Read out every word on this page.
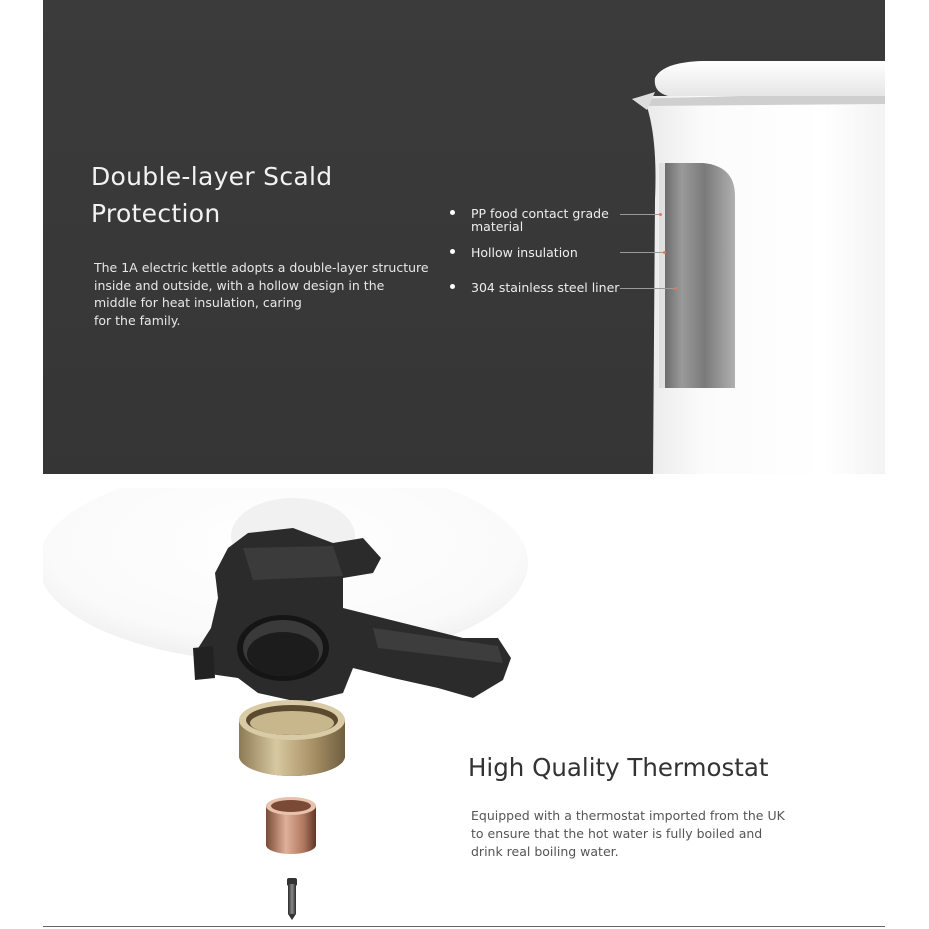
Double-layer Scald
Protection
The 1A electric kettle adopts a double-layer structure
inside and outside, with a hollow design in the
middle for heat insulation, caring
for the family.
PP food contact grade
material
Hollow insulation
304 stainless steel liner
High Quality Thermostat
Equipped with a thermostat imported from the UK
to ensure that the hot water is fully boiled and
drink real boiling water.
